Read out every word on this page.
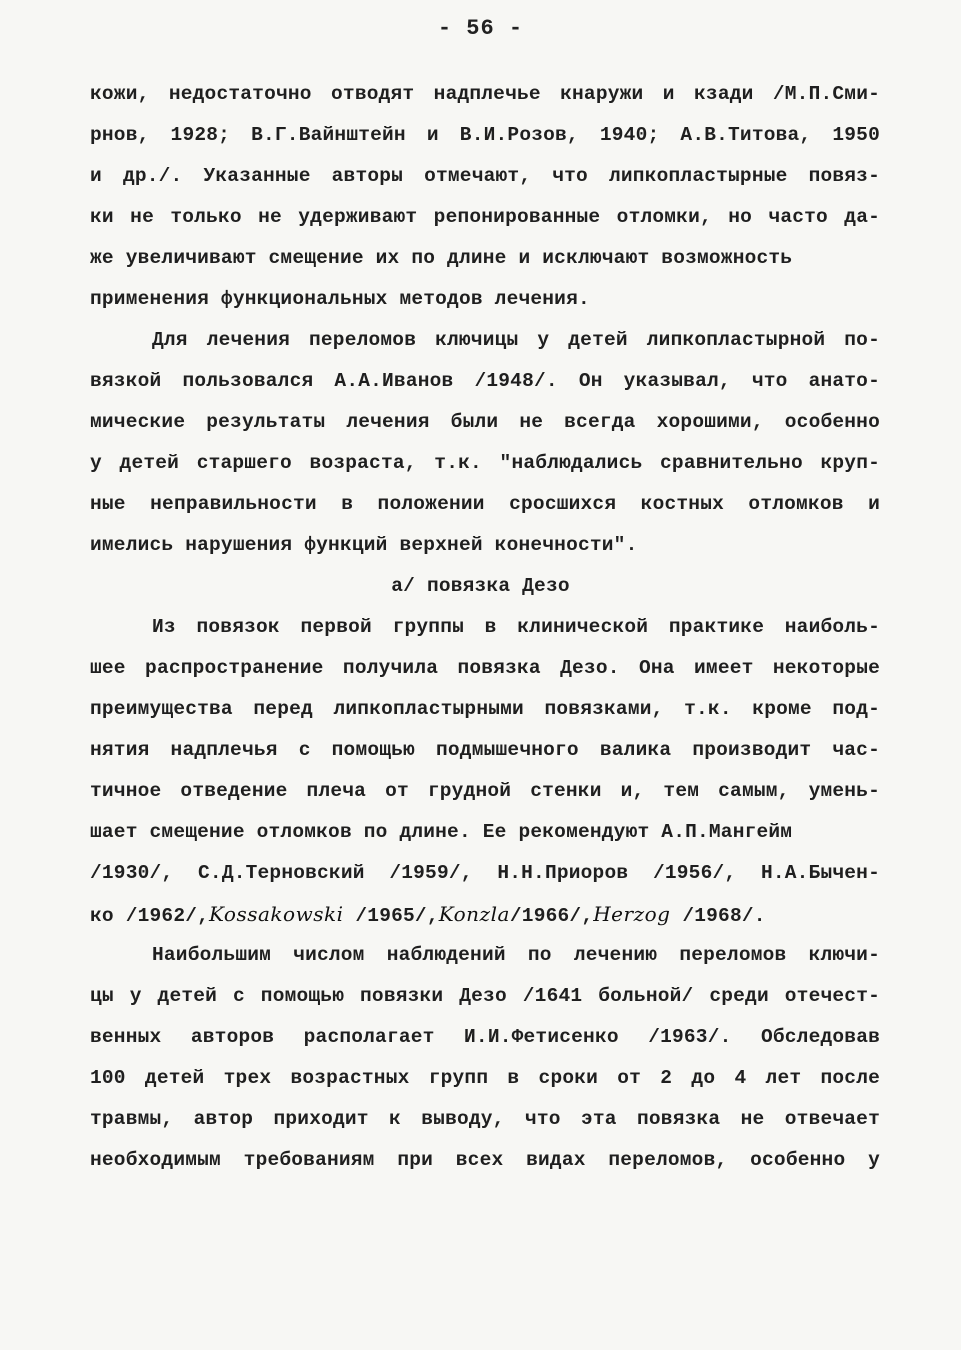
- 56 -
кожи, недостаточно отводят надплечье кнаружи и кзади /М.П.Сми-
рнов, 1928; В.Г.Вайнштейн и В.И.Розов, 1940; А.В.Титова, 1950
и др./. Указанные авторы отмечают, что липкопластырные повяз-
ки не только не удерживают репонированные отломки, но часто да-
же увеличивают смещение их по длине и исключают возможность
применения функциональных методов лечения.
Для лечения переломов ключицы у детей липкопластырной по-
вязкой пользовался А.А.Иванов /1948/. Он указывал, что анато-
мические результаты лечения были не всегда хорошими, особенно
у детей старшего возраста, т.к. "наблюдались сравнительно круп-
ные неправильности в положении сросшихся костных отломков и
имелись нарушения функций верхней конечности".
а/ повязка Дезо
Из повязок первой группы в клинической практике наиболь-
шее распространение получила повязка Дезо. Она имеет некоторые
преимущества перед липкопластырными повязками, т.к. кроме под-
нятия надплечья с помощью подмышечного валика производит час-
тичное отведение плеча от грудной стенки и, тем самым, умень-
шает смещение отломков по длине. Ее рекомендуют А.П.Мангейм
/1930/, С.Д.Терновский /1959/, Н.Н.Приоров /1956/, Н.А.Бычен-
ко /1962/,Kossakowski /1965/,Konzla/1966/,Herzog /1968/.
Наибольшим числом наблюдений по лечению переломов ключи-
цы у детей с помощью повязки Дезо /1641 больной/ среди отечест-
венных авторов располагает И.И.Фетисенко /1963/. Обследовав
100 детей трех возрастных групп в сроки от 2 до 4 лет после
травмы, автор приходит к выводу, что эта повязка не отвечает
необходимым требованиям при всех видах переломов, особенно у
